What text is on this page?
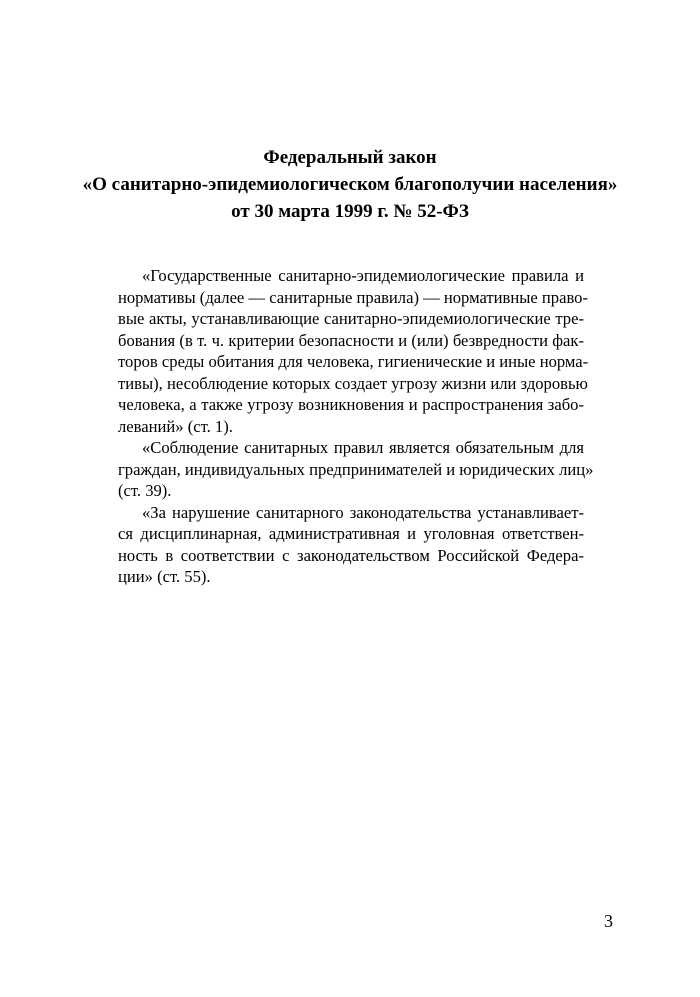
Федеральный закон
«О санитарно-эпидемиологическом благополучии населения»
от 30 марта 1999 г. № 52-ФЗ
«Государственные санитарно-эпидемиологические правила и
нормативы (далее — санитарные правила) — нормативные право-
вые акты, устанавливающие санитарно-эпидемиологические тре-
бования (в т. ч. критерии безопасности и (или) безвредности фак-
торов среды обитания для человека, гигиенические и иные норма-
тивы), несоблюдение которых создает угрозу жизни или здоровью
человека, а также угрозу возникновения и распространения забо-
леваний» (ст. 1).
«Соблюдение санитарных правил является обязательным для
граждан, индивидуальных предпринимателей и юридических лиц»
(ст. 39).
«За нарушение санитарного законодательства устанавливает-
ся дисциплинарная, административная и уголовная ответствен-
ность в соответствии с законодательством Российской Федера-
ции» (ст. 55).
3
